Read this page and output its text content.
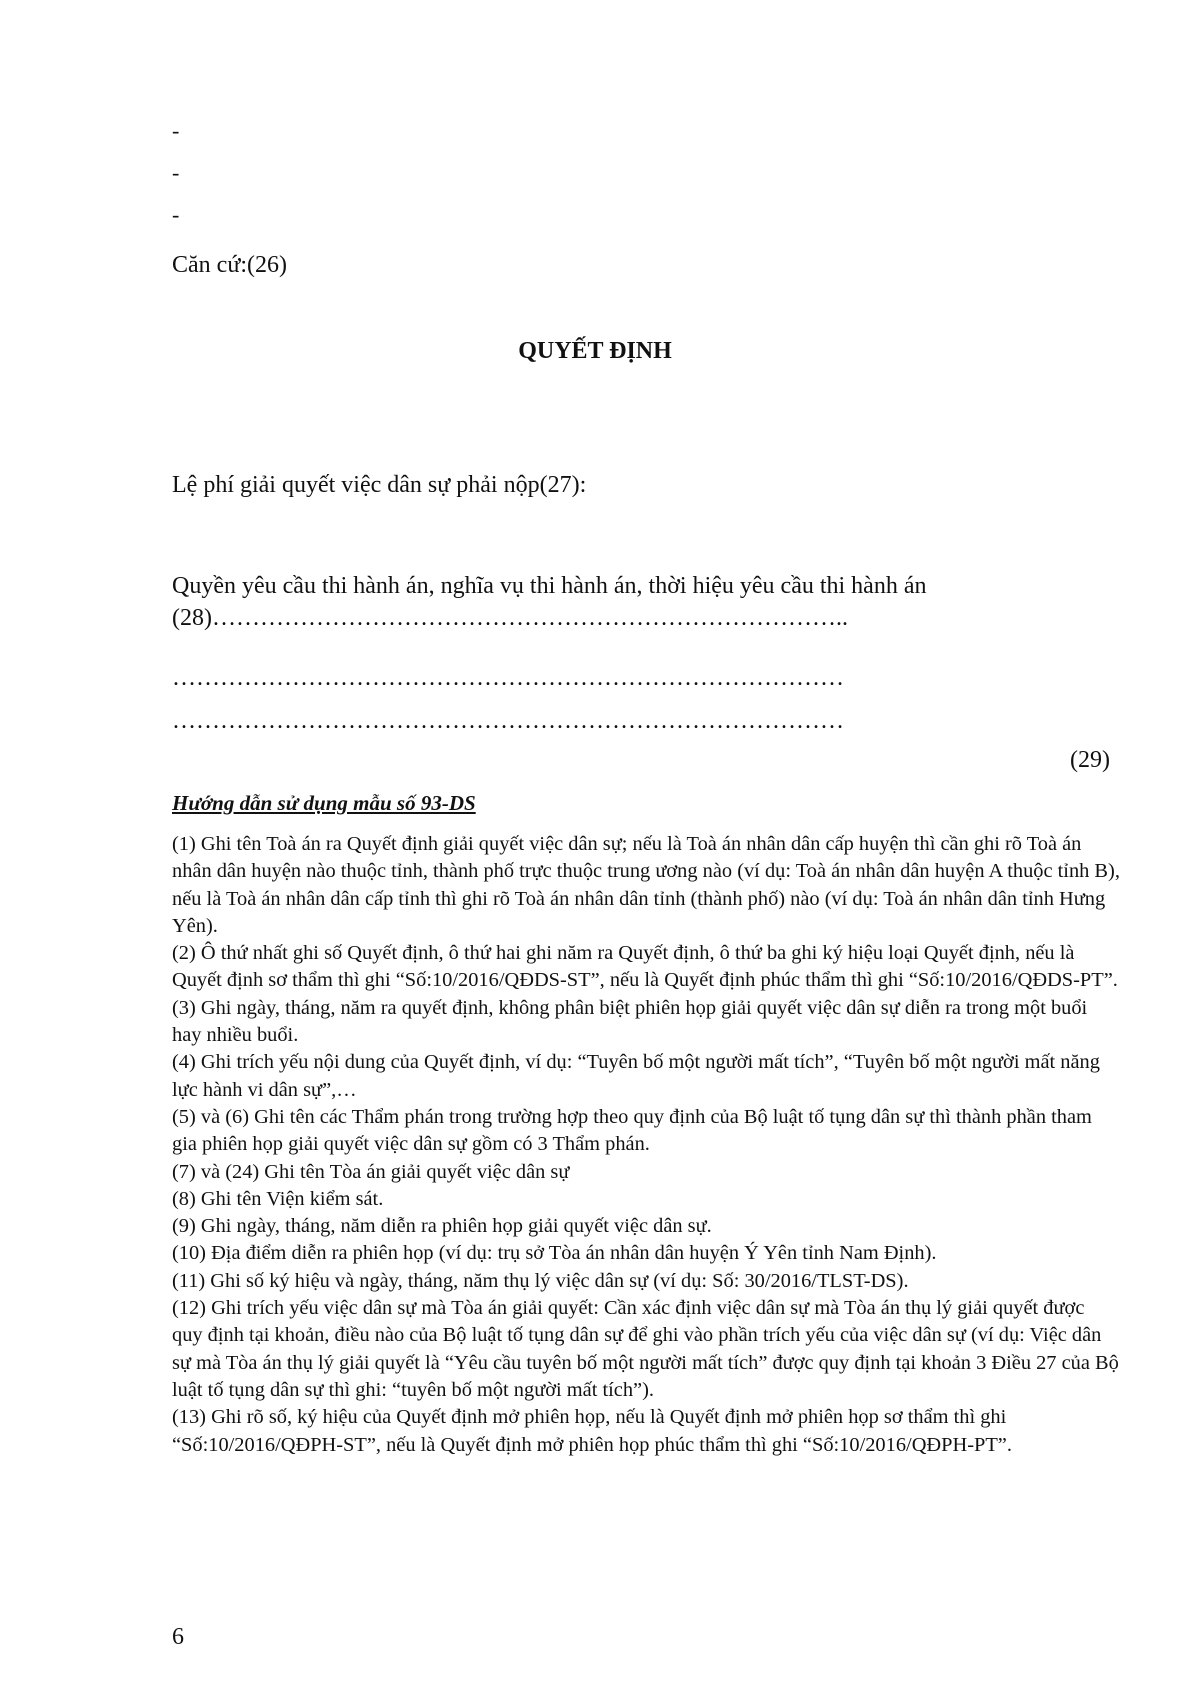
-
-
-
Căn cứ:(26)
QUYẾT ĐỊNH
Lệ phí giải quyết việc dân sự phải nộp(27):
Quyền yêu cầu thi hành án, nghĩa vụ thi hành án, thời hiệu yêu cầu thi hành án
(28)……………………………………………………………………..
…………………………………………………………………………
…………………………………………………………………………
(29)
Hướng dẫn sử dụng mẫu số 93-DS

(1) Ghi tên Toà án ra Quyết định giải quyết việc dân sự; nếu là Toà án nhân dân cấp huyện thì cần ghi rõ Toà án nhân dân huyện nào thuộc tỉnh, thành phố trực thuộc trung ương nào (ví dụ: Toà án nhân dân huyện A thuộc tỉnh B), nếu là Toà án nhân dân cấp tỉnh thì ghi rõ Toà án nhân dân tỉnh (thành phố) nào (ví dụ: Toà án nhân dân tỉnh Hưng Yên).

(2) Ô thứ nhất ghi số Quyết định, ô thứ hai ghi năm ra Quyết định, ô thứ ba ghi ký hiệu loại Quyết định, nếu là Quyết định sơ thẩm thì ghi “Số:10/2016/QĐDS-ST”, nếu là Quyết định phúc thẩm thì ghi “Số:10/2016/QĐDS-PT”.

(3) Ghi ngày, tháng, năm ra quyết định, không phân biệt phiên họp giải quyết việc dân sự diễn ra trong một buổi hay nhiều buổi.

(4) Ghi trích yếu nội dung của Quyết định, ví dụ: “Tuyên bố một người mất tích”, “Tuyên bố một người mất năng lực hành vi dân sự”,…

(5) và (6) Ghi tên các Thẩm phán trong trường hợp theo quy định của Bộ luật tố tụng dân sự thì thành phần tham gia phiên họp giải quyết việc dân sự gồm có 3 Thẩm phán.

(7) và (24) Ghi tên Tòa án giải quyết việc dân sự

(8) Ghi tên Viện kiểm sát.

(9) Ghi ngày, tháng, năm diễn ra phiên họp giải quyết việc dân sự.

(10) Địa điểm diễn ra phiên họp (ví dụ: trụ sở Tòa án nhân dân huyện Ý Yên tỉnh Nam Định).

(11) Ghi số ký hiệu và ngày, tháng, năm thụ lý việc dân sự (ví dụ: Số: 30/2016/TLST-DS).

(12) Ghi trích yếu việc dân sự mà Tòa án giải quyết: Cần xác định việc dân sự mà Tòa án thụ lý giải quyết được quy định tại khoản, điều nào của Bộ luật tố tụng dân sự để ghi vào phần trích yếu của việc dân sự (ví dụ: Việc dân sự mà Tòa án thụ lý giải quyết là “Yêu cầu tuyên bố một người mất tích” được quy định tại khoản 3 Điều 27 của Bộ luật tố tụng dân sự thì ghi: “tuyên bố một người mất tích”).

(13) Ghi rõ số, ký hiệu của Quyết định mở phiên họp, nếu là Quyết định mở phiên họp sơ thẩm thì ghi “Số:10/2016/QĐPH-ST”, nếu là Quyết định mở phiên họp phúc thẩm thì ghi “Số:10/2016/QĐPH-PT”.

6
